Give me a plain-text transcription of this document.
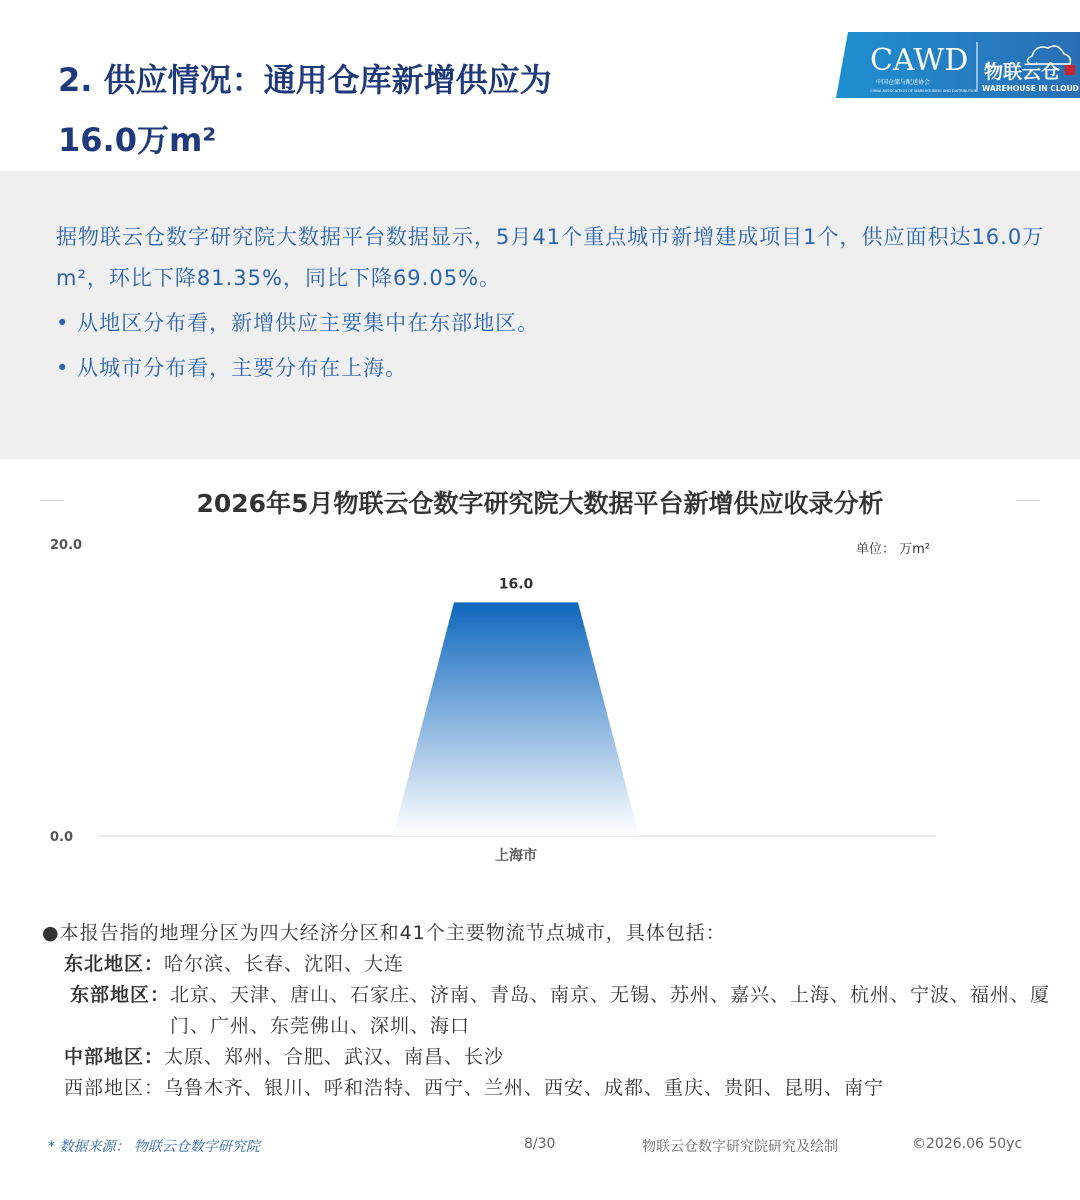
2. 供应情况：通用仓库新增供应为
16.0万m²
CAWD
中国仓储与配送协会
CHINA ASSOCIATION OF WAREHOUSING AND DISTRIBUTION
物联云仓
WAREHOUSE IN CLOUD
据物联云仓数字研究院大数据平台数据显示，5月41个重点城市新增建成项目1个，供应面积达16.0万m²，环比下降81.35%，同比下降69.05%。
• 从地区分布看，新增供应主要集中在东部地区。
• 从城市分布看，主要分布在上海。
2026年5月物联云仓数字研究院大数据平台新增供应收录分析
0.0
20.0	单位： 万m²
16.0
上海市
●本报告指的地理分区为四大经济分区和41个主要物流节点城市，具体包括：
东北地区： 哈尔滨、长春、沈阳、大连
东部地区： 北京、天津、唐山、石家庄、济南、青岛、南京、无锡、苏州、嘉兴、上海、杭州、宁波、福州、厦门、广州、东莞佛山、深圳、海口
中部地区： 太原、郑州、合肥、武汉、南昌、长沙
西部地区： 乌鲁木齐、银川、呼和浩特、西宁、兰州、西安、成都、重庆、贵阳、昆明、南宁
* 数据来源： 物联云仓数字研究院	8/30	物联云仓数字研究院研究及绘制	©2026.06 50yc
